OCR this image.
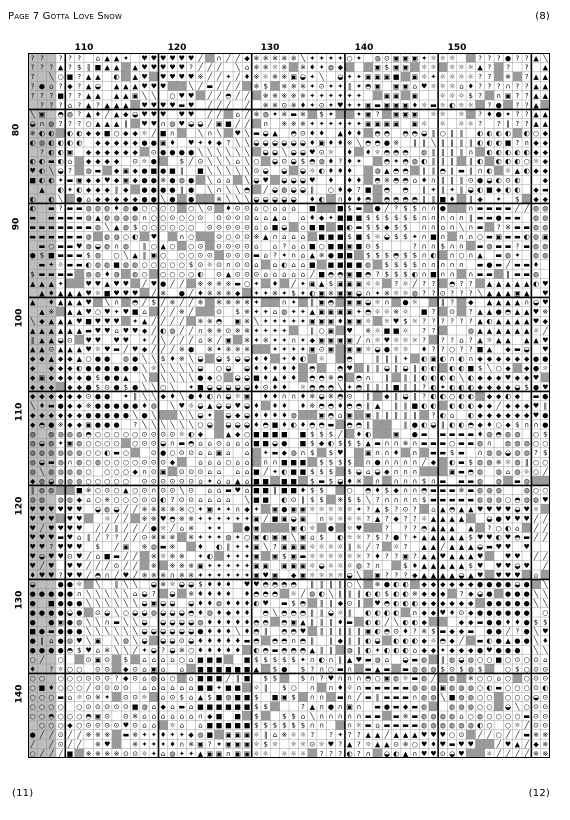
Page 7 Gotta Love Snow	(8)
110	120	130	140	150
80
90
100
110
120
130
140
? ? ? ? ? ⌂ ▲ ▲ ✦ ♥ ♥ ♥ ♥ ♥ ♥ ╱ ∩ ╱ ╱ ◆ ※ ※ ※ ※ ※ ╲ ✦ ✦ ✦ ✦ ○ ✦ ◍ ⊙ ▣ ▣ ▣ ✦ ☼ ☼ ☼	? ? ? ● ? ? ▲ ╲
? ? ? ▲ ? $ ‖ ■ ▲ ▲ ▲ ♥ ♥ ♥ ♥ ♥ ? ╱ ╱ ╱ ╲ ⌂ ※ ※ ☼ ※ ※ ♦ ✦ ◍ ◆	▣ $ ▣ ▣ ☼ ☼ ☼ ☼ ☼ ▲ ? ? ? ▲
? ╲ ○ ■ ? ▲ ▲ ◐ ▲ ♥ ♥ ♥ ♥ ♥ ※ ╱ ╱ ✦ ╱ ♦ ※ ☼ ※ ※ ▣ ◒ ✦ ╲ ◒ ✦ ✦ ▣ ▣ ▣ ■ ▣ ☼ ✦ ☼ ☼ ☼ ☼ ? ? ※ ? ▲ ▲
? ● ⌂ ? ◆ ? ▲ ◒ ▲ ▲ ▲ ♥ ♥ ♥	╲ ╱ ▬ ╱ ╱ ╱ ※ $ ※ ※ ※ ✦ ⊙ ✦ ✦ ‖ ✦ ◓ ▣ ▣ ▣ ⌂ ♥ ☼ ☼ ☼ ⌂ ♦ ? ? ? ∩ ? ? ▲ ▲
? ? ? ■ ? ? ▲ ▲ ▲ ▲ ▣ ╲ ╲ ○ ♥ ♥ ╱ ╱ ◓ ╱ ╱ ※ ※ ※ ※ ※ ✦ ✦ ✦ ✦ ✦ ✦	▣ ▣ ▣	☼ ☼ ☼ $ ? ∩ ▣ ? ? ▲ ▲
? ? ? ⌂ ? ▲ ? ▲ ▲ ▲ ♥ ♥ ♥ ♥ ▬ ♥ ╱ ╱ ╱ ╱ ※ ※ ⊙ ※ ♦ ✦ ⊙ ✦ ♥ ✦ ✦ ▣ ▬ ▣ ▣ ▣ ♦ ☼ ▬ ☼ ◐ ☼ ☼ ? ● ? ? ▲
╲ ▣ ◓ ◍ ? ▲ ♦ ╱ ▲ ◆ ◒ ♥ ♥ ♥ ♥ ♥ ╱ ╱ ⌂ ╱ ※ ◍ ✦ ※ ▬ ※ $ ✦	✦ ▣ ? ▣ ▣ ▣ ☼ ☼ ☼ ? ♦ ● ✦ ? ? ▲ ▲
◒ ∩ ◍ ? ? ? ○ ▲ ▲ ▲ ‖ ♥ ♥ ∩ ◍ ♥ ◒ ◒ ╱ ▣ ■ ╱ ╱ ∩ ※ ※ ※ ✦ ✦ ✦ ✦ ✦ ✦ ▣ ▣ ▣ ▣ ▣ ☼ ☼ ☼ ☼ ? ? ‖ ? ? ▲ ▲
※ ◐ ◐ ◐ ◐ ◆ ◆ ■ ○ ◆ ◆ ☼ ╱ ■ ∩	╲ ∩ ╲ ♥ ╲ ▬ ◒ ▲ ◓ ⊙ ♦ ♦ ▲ ♦ ♦ ◓ ◓ ◓ ◓ ◒ ‖ ○ ‖ ‖ ◐ ◐ ◐ ◐ ◐ ○ ◆
◐ ◍ ◐ ◐ ◐ ◐ ◆ ◆ ◆ ◆ ◆ ● ● ▣ ♦ ♥ ✦ ♦ ◆ ? ╲ ╲ ◒ ◒ ◒ ◒ ◒ ◒ ♦ ▣ ♦ ♦ ※ ╲ ◓ ◓ ● ※ ‖ ‖ ╲ ‖ ‖ ‖ ‖ ◐ ◐ ◐ ■ ? ∩ ◆ ◆
? ◐ ◐ ▣ ◆ ◆ ◆ ◆ ◆ ◆ ⊙ ● ● ● ● ╲ ╲ ╲ ╲ ╲ ╲ ◒ ◒ ╲ ◒ ◒ ♥ ⊙ ☼ ♦ ♦ ☼ ◓ ◓ ◓ ◍ ‖ ‖ ‖ ‖ ∩ ◐ ◐ ◐ ◐ ◐ ◆ ◆
◐ ◐ ▬ ◐ ⌂ ◆ ◆ ◆ ◆ ⊙ ☼ ●	$ ╱ ⊙ ╲ ╲ ╲ ⌂ ╲ ○ ◒ ⊙ ◒ $ ◓ ◍ ♦ ? ♦ ✦	◓ ✦ ◓ ◍ ◐ ‖ ‖ ‖ ‖ ◐ ◐ ◐ ◐ ○ ☼ ◆
♥ ◐ ╲ ◒ ? ◍ ▬ ◆ ▣ ◆ ● ■ ● ■ ‖ ■ ╲ ╲ ╲ ╲ ╲ ⊙ ◒ ◒ ◒ ☼ ◐ ♦ ♦ ♦	◍ ▲ ◓ ◓ ‖ ‖ ◓ ‖ ▬ ‖ ∩ ◐ ☼ ▲ ◐ ◆ ◆
■ ◐ ◐ ✦ ▬ ▣ ◆ ◆ ♥ ◆ ▣ ◆ ● ● ※ ● ◍ ● ╲ ⌂ ⌂ ╲ ◒ ♥ ◒ ◒ ◒ ♥ ♦ ♦ ♦ ◓ ※ ◓ ◓ ⌂ ♦ ∩ ‖ ‖ ‖ ⊙ ● ◒ ◐ ⊙ ◐	◆
▲ ◐ ✦ ◐ ◆ ◆ ◆ ‖ ◆ ● ● ● ● ‖ ● ╲ ∩ ╲ ╲ ◓ ╱ ◒ ◍ ◒ ◒ ‖ ○ ♦ ◆ ? ■ ◓ ◓ ‖ ✦ ‖ ✦ ‖ ◒ ◐ ■ ◆ ◐ ◐ ◆ ▬
◐ ◐ ╲ ● ⌂ ◆ ◆ ◆ ◆ ◆ ● ● ╲ ● ●	※ ╲ ╲ ╲ ◒ ◒ ◒ ◒ ◒ ♦ ◐ ∩ ♦ ♦ ◓ ◓ ◓ ◓ ◓ ‖ ‖ ■ ♦ ‖ ◆ ✦ $ ◆ ◆
◐ ▬ ? ▬ ▬ ◍ ◍ ◍ ♦ ◍ ● ○ ○ ○ ○ ○ ╲ ⊙ ♦ ⊙ ⊙ ⌂ ○ ⌂ ⌂ ⌂ ■	■ $ ▬ ● ╱ ? $ $ ∩ ∩ ●	∩ ▬ ▬ ▬ ▬ ╱ ╱ ◍ ◍
▬ ▬ ▬ ▬ ▬ ◍ ▲ ◍ ◍ ◍ ◍ ∩ ○ ○ ⊙ ○ ○ ⊙ ⊙ ⊙ ⊙ ⊙ ⌂ ⌂ ▲ ⌂ ⌂ ♦ ◆ ✦ ■ ■ ■ $ $ $ $ $ $ ∩ ∩ ∩ ∩ ∩ ‖ ▬ ▬ ● ▬ ▬ ◍ ◍
▬ ▬ ▬ ▬ ▬ ▬ ▬ ◍ ╲ ▲ ◍ $ ○ ○ ○ ○ ○ ○ ⊙ ⊙ ⊙ ⊙ ⊙ ⌂ ⌂ ■ ◒ ⌂ ■ ■ ■ ◐ ▬ $ $ ◆ $ $ ∩ ∩ ⌂ ∩ ╲ ∩ ▬ ? ※ ▬ ▬ ◍ ◍
▬ ▬ ▬ ▬ ▬ ▬ ◍ ◍ ◍ ○ ◐ ♥	∩ ○	⊙ ○ ⊙ ⊙ ※ ▲ ∩ ⌂ ⌂ ⌂ ■ ■ ■ $ ■ $ ☼ ◒ $ $ ✦ ∩ ■ ∩ ∩ ∩ ○ ▬ ▣ ▬ ▬ ◐ ◍ ▣
▬ ○ ▬ ▬ ♥ ◍ ◒ ◍ ∩ ◍ ‖ ○ ▲ ○ ○ ⊙ ⊙ ⊙ ⊙ ⊙ ⌂ ⌂ ? ⌂ ⌂ ■ ○ ■ ■ ▣ ■ ⊙ $	? ∩ ∩ $ ∩ ∩ ▬ ◍ ▬ ▬ ? ▬ ◍ ◍
● $ ■ ▬ ▬ ▬ $ ◍ ○ ╲ ▲ ‖ ▣ ○ ○ ○ ⊙ ⊙ ⊙ ⊙ ⊙ ▬ ⌂ ? ✦ ∩ ⌂ ▲ ※ ● ■ ■ $ $ $ ◓ $ $ ∩ ◐ ∩ ○ ∩ ▲ ▬ ◍ ✦ ◍ ◍
▬ ✦ ☼ ▬ ▬ ◐ ◍ ◍ ■ ◍ ◍ ○ ○ ○ ○ ○ $ ⊙ ☼ ⊙ ∩ ⊙ ⊙ ⌂ ⌂ ◐ ⌂ ⌂ ■ ■ ■ ■ ■ ◍ $ $ $ $ ∩ ∩ ∩ ∩ ∩ ▬ ● ▬ ╱ ▬ ▬ ♦
$ ▬ ▬ ▬ ▬ ◍ ◍ ♦ ◍ ◍ ○ ○ ○ ○ ○ ◐ ⊙ ▲ ⊙ ⊙ ⊙ ⌂ ⌂ ⌂ ⌂ ⌂ ╱ ■ ◓ ◓ ▣ ■ ◓ ? $ $ $ ◐ ∩ ■ ∩ ∩ ∩ ▬ ▬ ‖ ▬ ▬ ◍
▲ ▲ ▲ ✦	♥ ♥ ▲ ♥ ♥ ╱ ♥ ● ╱ ╱ ※ ※ ※ ※ ▬ ○ ✦ ♦ ╱ ✦ ▣ ▲ $ ▣ ▣ ▣ ☼ ☼ ? ☼ ╱ ? ? ◓ ? ? ▲ ▲ ▲ ▲ ▲ ◐ ♥
▲ ♦ ▲ ▲ ▲ ♥ ☼ ■ ♥ ♥ ♥ ╱ ※ ● ╱ ♦ ※ ※ ※ ◆ ✦ ✦ ※ ✦ $ ✦ ◐ ▣ ※ ▣ ▣ ◒ ∩ ✦ ※ ☼ ☼ ◍ ? ? ⊙ ? ? ? ╲ ▲ ▲ ▲ ▣ ▲ ♥
▲ ♦ ▲ ▲ ▲ ♥ ╲ ∩ ◓ ╱ $ ╱ ※ ╱ ╱ ※ ※ ※ ※ ※ ✦	∩ ✦ ‖ ▣ ◓ ▣ ▣ ◒ ☼ ∩ ● ☼	‖ ? ◆ ▲ ▲ ▲ ▲ ∩ ◒ ♥
▲ ※ ▲ ▲ ♥ ○ ♥ ✦ ♥ ■ ⌂ ╱ ╱ ※ ╱	⊙ $ ※ ✦ ✦ ⌂ ◍ ✦ ✦ ▲ ▣ ▣ ▣ ▣ ✦ ◓ ☼ ☼ ※ ☼ ■ ? ⊙ ? ▲ ▲ ● ◓ ▲ ▲ ♥ ※
╲ ◆ ▲ ▲ ▲ ♥ ■ ♥ ♥ ♥ ✦ ▲ ╱ ╱ ╱ ╱ ※ ※ ◓ ▣ ※ ╲ ✦ ✦ ✦ ✦ ✦ ▣ ▣ ▣ ♦ ▣ ▣ ☼ ☼ ♥ $ ☼ ? ? ? ? ? ? ▲ ◐ ▲ ▲ ▲ ▲ ♥ ◆
▲ ▲ ▲ ▲ ▲ ▲ ▬ ♥ ♥ ⌂ ♥ ♥ ◆ ╱ ◐ ◍ ╱ ╱ ∩ ※ ※ ⊙ ※ ※ ✦ ✦ ✦ ✦	‖ ○ ▣ ♥ ※ ☼ ■ ■ ☼ ? ?	◍ ▲ ▲ ▲ ▲ ▲ ▲ ☼ ╱
‖ ▲ ▲ ◒ ⊙ ♥ ♥ ♥ ♥ ✦ ╱ ╲ ╱ ╱ ╱ ⌂ ※ ╱ ▣ ※ ✦ ※ ✦ ✦ ∩ ✦ ◆ ▣ ▣ ▣ ▣ ╱ ∩ ☼ ♥ ☼ ☼ ☼ ? ? ? ⌂ ? ▲ ☼ ▲ ▲ ▲ ▲ ♥
▲ ▲ ⊙ ▲ ▲ ▲ ♥ ☼ ♥ ▬ ╱ ♥ ◆ ╱ ╱ ╱ ※ ● ※ ✦ ※ ※ ※	✦ ✦ ✦ ✦ ▣ ⊙ ▣ ▣ ▣ ☼ ◒ ● ☼ ☼ ♦ ? ? ○ ? ? ■ ▲ ◆ ▬ ◒ ♥
◆ ◆ ▲ ◆ ◆ ▲ ○ ● ● ◍ ● ╲ ╲ $ ♦ ※ ╲ ◒ ◒ $ ◒ ◒ ♦ ♦ ✦ ♦ ◐ ☼	◓	‖ ‖ ‖ ✦ ◐ ▣ ◐ ∩ ◐ ∩ ◆ ◆ ◆ ◆ ◆ ◆ ● ●
◆ ◆ ◆ ◆ ◐ ● ● ● ● ● ● ╲ ☼ ╲ ╲ ╲ ╲ ◒ ○ ◒ ◒ ♦ ♦ ♦ ♦ ♦ ◓	◓ ♥ ‖ ‖ ◒ ‖ ◒ ‖ ◐ ◐ ◐ ◐ ■ $ ╲ ○ ◆ ◆ ● ☼
◆ ▣ ◆ ◆ ◆ ◆ ● $ ● ● ▲ ╲ ╲ ╲ ╲ ╲ ● ◆ ○ ◒ ◒ ■ ♦ ▲ ♦ ♦ ◓ ◓ ※ ◓ ◓ ∩ ‖ ‖ ‖ ◐ ◐ ◐ ◐ ╲ ◐ ◆ ◆ ◆ ♥ ◆ ◆ ♥
◆ ◆ ◆ ◆ ◆ ● $ ⊙ ● $ ● ╲ ╲ ○ ╲ ✦ ■ ◒ ◒ ◒ ◒ ◒ ♦ ⊙ ♦ ♦ ☼ ◓ ◓ ◓ ╲ ✦ ◓ ‖ ‖ ‖ ■ ‖ ‖ ? ◐ ✦ ◐ ◐ ◐ ◆ ◆ ◆ ◆ ◒ $ ● ♥
◆ ◆ ◆ ◆ ◆ ◆ ⊙ ● ● ✦ ‖ ╲ ╲ ◆ ♦ ╲ ● ♦ ◐ ∩ ◒ ☼ ▣ ♦ ♦ ∩ ∩ ♦ ※ ◒ ※ ◓ ⊙ ‖ ◆ ‖ ◒ ‖ ? ◐ ◐ ○ ◐ ◐ ◆ ◆ ◐ ◆ ▬ ●
╲ ♦ ▬ ● ◆ ◆ ※ ● ● ● ● ● ♦ ◍ ╲ ♥ ☼ ◒ ▲ ◒ ◒ ♥ ◒ ♦ ♦ ♦ ♦ ※ ◓ ◓ ♦ ◓ ◓ ‖ ▲ ‖ ‖ ■ ◐ ◐ ◐ ◐ ◐ ◆ ◆ ╱ ◆ ◆ ◆ ♥ ‖
◆ ◆ ◆ ◆ ◆ ◆ ● ● ● ● ● ╲ ● ╲	╲ ╲ ◒ ✦ ◒ ◆ ◒ ♦ ♦ ♦ ♦ ◍	▣ ◓ ⌂ ▣ ▣ ‖ ‖ ‖ ‖ ‖ ? ◐ ⌂ ◐ ◆ ◆ ◆ ◆ ◆ ◆ ♥ ●
◆ ◓ ● ※ ◆ ◆ ▣ ● ● ● ? ╲ ╲ ╲ ╲ ╲ ╲ ○ ◒ ◒ ◒ ◒ ♦ ◓ ■ ♦ ◐ ♦ ◓ ◓ ▬ ◓ ◓ ‖	‖ ● ◐ ◒ ‖ ◐ ◐ ◓ ◆ ♦ ○ ◆ $ ∩ ∩ ●
◍ ◍ ◍ ◍ ◍ ◓ ○ ○ ○ ○ ○ ⊙ ⊙ ⊙ ⊙ ☼ ◐ ◆	▲ ◆ ○ ■ ■ ■ ■ ■ $ $ $ ╱ ♦ ◐	▣ ● ▬ ▬ ▬ ▬ ▬ ♦ ◍ ◓ ◍ ◍ ○ $
◍ ◒ ◍ ✦ ▣ ◍ ○ ○ ○ ○ ○ ⊙ ⊙ ◒ ∩ ▬ ◓ ⌂ ⌂ ⊙ ⌂ ⌂ ⌂ ■ ■ ◒ ● ■ $ ◆ ◐ $ $ $ ▲ ▬ ∩ ∩ ※ ∩ ▬ ▬ ▬ ○ ▬ ▬ ◍ ∩ ◍ ◍ ◍ ○ ○
◍ ◍ ◍ ◍ ◍ ◍ ○ ○ ◐ ▬ ○	⊙ ● ○ ⊙ ⊙ ⌂ ⌂ ▣ ⌂ ⌂ ✦ ▬ ◆ ◍ ∩ $ $ ♥	▣ ∩ ∩ ♦ ∩ ▬ ▬ $ ▬ ∩ ◍ ◍ ◒ ◍ ◍ ? $
◍ ◒ ▬ ◍ ∩ ◍ ○ ◍ ○ ○ ○ ○ ⊙ ⊙ ⊙ ◆	⌂ ⌂ ⌂ ○ ⌂ ⌂ ∩ ∩ ■ ■ ■ $ $ $ $ ∩ ● ∩ ∩ ∩ ∩ ╱ ◆ ◐ ▬ $ ◍ ◍ ※ ☼ ◍ ‖ ○ ○
◍ ╲ ◍ ◍ ◍ ◍ ○ ○ ○ ○ ◆ ∩ ⊙ ▣ ⊙ ⊙ ⊙ ⌂ ⌂ ⌂ ⌂ ■ ╱ ✦ ◐ ■ ■ $ $ $ $ ◒ ⌂ ◒ ◆ ∩ ∩ ∩	▣ ▬ ◓ ◍ ◍ ⌂ ◍ ☼ ○ ╱
◆ ◍ ◒ ◍ ◍ ◍ ○ ○ ○ ○ ○ ⊙ ⊙ ⊙ ⊙ ⊙ ⊙ ⌂ ✦ ⌂ ⌂ ▲ ⌂ ■ ■ ■ ■ $ ▬ $ ◒ ♦ ※ ∩ ∩ ∩ ∩ $ ∩ ▬ ▬ ▬ ◍ ◍ ▬ ◍
‖ ◍ ◍	■ ※ ○ ⊙ ○ ▲ ○ ⊙ ∩ ⊙ ⊙ ╲ ⊙ ⌂ ⌂ ▬ ♥ ⌂ ■ ■ ‖ ■ ■ ♦ $ $	○ ◓ ♦ $ ◆ ∩ ∩ ◓ ▬ ▬ ▬ ※ ▬ ◍ ◍ ◍	◍ ○ ○
◍ ◍ ◍ ◍ ◆ ⌂ ○ ※ ○ ○ ○ ⊙ ⊙ ◐ ? ⊙ ⊙ ⌂ ⌂ ⌂ ⌂ ╲ ■ ■ ◐ ⊙ ‖ $ $ ※ $ $ ╲ ? ∩ ∩ ∩ ∩ $ ▬ ▬ ▬ ▬ ▬ ◍ ◍ ◍ ○ ◓ ◍ ◍ ♥
♥ ♥ ♥ ♥ ♥ ♥ ◒ ◍ ◒ ╱ ╱ ※ ※ ※ ※ ※ ○ ✦ ▣ ✦ ✦ ∩ ◆ ✦ ▣ ● ▣ ▣ ☼ ☼ ☼ ☼ ☼ ✦ ? ▲ $ ? ⊙ ? ⌂ ▲ ◓ ▲ ▲ ♥ ♥ ♥ ♥ ◒ ♥ ☼
♥ ♥ ♥ ♥ ♥	☼ ╱ ╱ ※ ※ ♥ ◓ ※ ※ ✦ ✦ ✦ ✦ ✦ ✦ ▣ ╱ ■ ▣ ◒ ▣ ∩ ☼ ☼ ☼ ☼ ? ▲ ? ◆ ? ? ☼ ▲ ▲ ▲ ▲	◒ ● ♥ ♥ ♥ ╱ ╱
♥ ╱ ♥ ♥ ♥ ♥ ╱ ╱ ‖ ╱ ╱ ╱ ● ☼ ╱ ⌂ ※ ✦ ✦	● ▣	▣ ◐ ☼ ● ☼ ♥	? ? ? ◓ ▲ ▲ ▲ ▲ ? ○ ◐ ⌂ ╱ ╱
♥ ♥ ♥ ▬ ♥ ⌂ ‖ ╱ ? ? ╱ ╱ ⊙ ※ ※ ※ ※ ✦ ✦ ✦ ◍ ✦ ○ ▣ ◐ ▣ ▣ ╲ ▣ ⌂ $ ◐ ☼ ☼ ? $ ? ● ? ✦ ▲ ▲ ▲ ▲ ▲ $ ♥ ♥ ◐ ♥ ◓ ▬ ╱ ╱
♥ ♥ ? ♥ ♥ ♥ $ ╱ ▣ ※ ◍ ▬ ※	♦ ◐ ‖ ✦ ✦ ▣ ╲ ? ▣ ▣ ▣ ☼ ☼ ☼ ☼ ‖ ☼ ╱ ? ☼ ? ▲ ▲ ╱ ▲ ▲ ▲ ◒ ▬ ♥ ♥ ♥
♥ ◒ ♥ ♥ ⊙ ♥ ╱ ⌂ ■ ▬ ╱ ╱ ※ ☼ ※ ※ ✦ ◐ ✦ ✦ ✦ ▣ ▣ $ ▣ ▬ ☼ ☼ ☼ ☼ ☼ ☼ ? ♦ ? ? ▣ ? ▲ ▲ ♥ ▲ ▲ ▲ ♥	♥ ♥ ╱ ╱
♥ ╱ ♥ ♥ ♥ ╱ ╱ ╱ ⊙ ╱ ╱ ※ ※ ※ ※ ▣ ✦ ✦ ✦ ✦ ✦ ▣ ▣ ▣ ▣ ▣ ☼ ◒ ☼ ☼ ☼ ◍ ? ∩	$ ♦ ▲ ▲ ▲ ▲ ▲ $ ♥ ♥ ♥ ◒ ♥ ╱
♦ ♥ ♥ ? ♥ ♥ ╱ ◓ ∩ ╱ ♥ ╱ ※ ※ ※ ∩ ※ ※ ✦ ✦ ✦ ✦ ✦ ✦ ▣ ♥ ▣ ◆ ▣ ☼ ☼ ☼ ☼ ◒ ╲ ▣ ? ? ? ◆ ▲ ▲ ▲ ▲ ◒ ▲ ♥ ♥ ♥ ♥ ⌂
◒	● ● ☼ ╲ ‖ ╲ ╲ ◒ ※ ☼ ◒ ◒ $ ♦ ♦ ♦ ♥ ♥ ◓ ◓ ◓ ◓ ‖ ‖ ‖ ‖ ○ ╲ ※ ● ◐ ◐ ◆ ◆ ◆ ◆ ◆ ◆ ● ● ● ● ◒ ● ╲
● ● ● ● ● ∩ ╲ ╲ ╲ ╲ ╲ ⌂ ◒ ? ◒ ※ ♦ ♦ ♦ ♦ ♦ ◓ ◓ ◓ ☼ ╱ ◍ ◐ ╲ ‖ ‖ ‖ ◐ ◐ $ ◐ ◐ ※ ◆ ◆ ◆ ? ◆ ◒ ● ● ● ● ╲ ╲
● ■ ● ● ● ╲ ╲ ╲ ╲ ╲ ╲ ◒ ▣ ◒ ◒ ◒ ♦ ♦ ◍ ♦ ♦ ♦ ◐ ♥ ▬ $ ◓ ‖ ‖ ◆ ⊙ ‖ ♥ ◓ ◐ ◐ ◐ ◆ ◆ ◆ ◆ ◆ ◆ ● ● ● ● ● ╲ ╲
● ● ● ● ◒ ● ⊙ ◒ ╲ ○ ◒ ◒ ◍ ◒ ◒ ◒ ◓ ♦ ◍ ♦ ◆ ♦ ♦ ◓ ╲ ◓ ◓ ◓ ‖ ‖ ◒ ☼ ‖ ◐ ◐ ◐ ◐ ∩ ◆ ◆ ♥ ♦ ⊙ ◆ ● ● ● ● ● ● ○
● ● ▣ ● ◍ ╲ ╲ ∩ ▬ ╲ ╲ ◒ ◒ ◒ ◒ ◒ ◍ ♦ ♦ ♦ ♦ ♦ ◓ ◓ ◓ ▣ ▲ ‖ ‖ ‖ ♦ ▬ ◐ ◐ ╱ ╲ ◐ ◐ ◆	◆ ◆ ▬ ● ● ♦ ♦ ● $ $
■ ● ▬ ● ● ● ╲ ╲ ╲ ╲ ╲ ╲ ◒ ◒ ◒ ◒ ◒ ◒ ● ♦ ♦ ♦ ╲ ♦ ◓ ‖ ◓ ◓ ♥ ‖ ‖ ‖ ‖ ‖ ▣ ◐ ◓ ⊙ ♦ ? ※ $ ▬ ◆ ◆ ▬ ● ● ╱ ? ● ╲ ♥
● ‖ ⌂ ● ◍ ♥ ╲ ▣ ╲ ◍ ╲ ◒ ◒ ◒ ⊙ ◒ ♦ ♦ ♦ ♦ ♦ ▬ ◓ ◓ ◓ ∩ ◓ ‖ ‖ ◆ ‖ ‖ ◐ ◒ ◐ ◐ ◐ ◆ ☼ ◓ ◆ ╱ ▬ ◐ ● ▲ ● ● ╲ ♦
● ● ● ● ◓ $ ♥ ⌂ ※ ╲ ╲ ╱ ✦ ◒ ? ◒ ※ ○ ♦ ♦ ♦ ♦ ♦ ◐ ◓ ▬ ◓ ◓ ◓ ▲ ‖ ‖ ◍ ‖ ◐ ✦ ◐ ◐ ◐ ⌂ ◆ ◆ ✦ ◆ ◆ ◆ ● ♥ ● ● ● ╲ ╲
○ ╱ ○	⊙ ▣ ⊙ $ ⌂ ⌂ ⌂ ⌂ ○ ⌂ ■ ■ ■	■ $ $ $ $ $ ✦ ∩ ◐ ∩ ‖ ▲ ♥ ▬ ◍ ⌂ ◒ ▬ ◍ ‖ ◍ ◒ ◍ ○ ○ ■ ○ ⊙ ○ ⊙ ⌂
♦ ? ☼ ○ ○ ⊙ ⊙ ◆ ⊙ ⌂ ▣ ⌂ ⌂ ■ ■ ■ ■ ■ ■ ▲ $ ● $ ? ∩ ○ ▬ ∩ ▬ ▲ ▬ ▬ ◍ ◍ ◍ $ ⊙ $ ◍ $	○ $ ○ ⊙ ⊙
○ ○ ○ ○ ○ ⊙ ⊙ ⊙ ? ◆ ⊙ ⌂ ◍ ⌂ ○ ⌂ ■ ■ ■ ╱ ‖ ■ $ $	$ ∩ ? ♥ ∩ ∩ ∩ ◓ ○ ▣ ◍ ☼ ▬ ◍ ╱ ◍ ※ ○ ○ ⌂ ○ ○ ⊙ ⊙
○ ■ ♦ ○ ○ ○ ╱ ⊙ ⊙ ⊙ ⊙ ⌂ ⌂ ⌂ ⌂ ⌂ ⌂ ■ ■ ✦ ■ ■ ☼ ‖ $ ○ ∩ ∩ ♦ ☼ ∩ ▬ ▬ ▬ ▬ ▬ ◍ ◍ ◍ ▣ ◍ ◍ ◍ ○ ◐ ▬ ○ ○ ○ ⊙ ◐
○ ○ ○ ▬ ⌂ ☼ ⊙ ※ ✦ ⊙ ⊙ ☼ ⌂ ⊙ $ ⌂ ▲ $ ■ ◍ ■ ■ $ ■ ▣ $ ∩ ∩ ▬ ∩ ╱ ▬ ‖ ▬ ▬ ▬ ∩ ◍ ◍ ╲ ■ ◍ ◍ ○ ○ ○ ○ ○ ◒ ⊙
○ ○ ○ ○ ○ ⊙ ⊙ ⊙ ⊙ ⊙ ■ ◍ ⌂ ◆ ⌂ ▬ ⌂ ■ ■ ■ ■ ■ ■ $ $	? ▲ ∩ ● ∩ ▣ ∩ ▬ ● ▬ ◆ ▬ ◍	◍ ◍ ◍ ○ ○ ◒ ╲ ○ ⊙ ⊙
○ ○ ◓ ○ ○ ○ ◓ ▣ ⊙ ⊙ ※ ⌂ ⌂ ⌂ ⌂ ⌂ ⌂ ∩ ◆ ■ ■ $	$ $ ⌂ ╲ ∩ ∩ ∩ ∩ ∩ ▬ ▬ ▬ ※ ▬ ◍ ◍ ◍ ◍ ⌂ ○ ◍ ○ ○ ○ ○ ▬ ⊙ ⊙
○ ○ ○ ◆ ○ ⊙ ⊙ ⊙ ⊙ ♥ ⊙ ⌂ ⌂ ☼ ⌂ ⌂ ■ ■ ■ ■ ■ $ $ $ $ $ $ ∩ ∩	∩ ☼ ▬ ⌂ ▬ ▬ ▬ ▬ ◍ ◍ ◍ ◍ ◍ ◍ ◐ ○ ○ ☼ ╱ ⊙ ⊙
● ╱ ╱ ⊙ ╱ ╱ ※ ※ ※ ▬ ※ ✦ ✦ ♦ ✦ ✦ ◆ ◍ ■ ▣ ▣ ▣ ☼ ‖ ⌂ ※ ☼ ☼ ? ? ✦ ? ? ▲ ▲ ╱ ▲ ▲ ▲ ♥ ♥ ♥ ○ ⊙ ╱ ╱ ○ ╱ ╱ ▬ ※ ※
╱ ╱ ⊙ ╱ ╱ ※ ♥	※ ✦ ✦ ✦ ♦ ∩ ※ ▣ ? ✦ ▣ ▣ ▣ ☼ $ ☼ ☼ ☼ ⊙ ☼ ♥ ? ▲ ? ☼ ▲ ▲ ⊙ ※ ○ ♥ ♦ ♥ ▬ ♥ ♥	╱ ♥ ▲ ╱ ◆ ※
○ ╱ ╱ ╱ ■ ※ ※ ※ ※ ⊙ ⊙ ☼ ✦ ⌂ ◍ ✦ ✦ ▲ ▣ ▣ ∩ ▣ ▣ ☼ ☼ ☼ ☼ ☼ ? ? ? ◐ ? ∩ ◒ ◐ ▲ ∩ ♥ ♥ ⊙ ◒ ♥	☼ ╱ ╱ ╱ ╱ ※ ※
(11)	(12)
